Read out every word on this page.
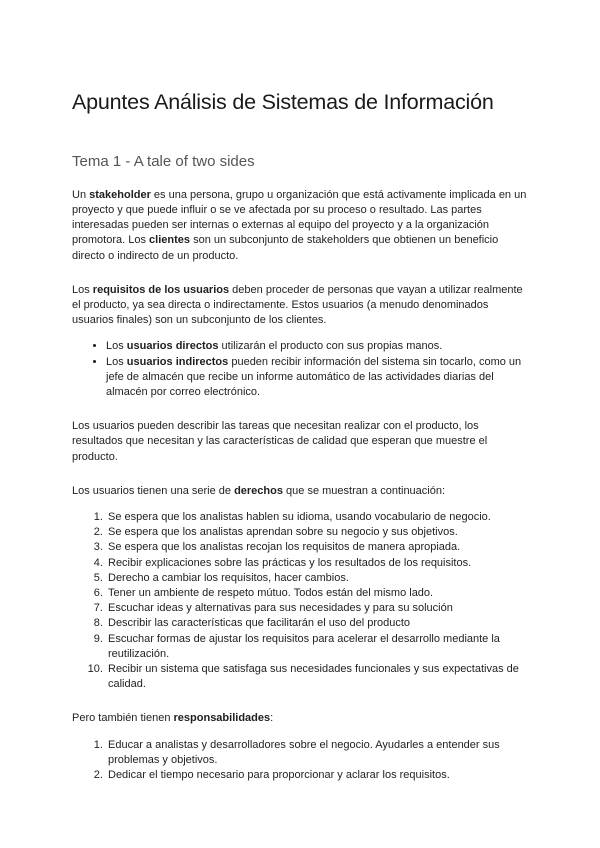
Apuntes Análisis de Sistemas de Información
Tema 1 - A tale of two sides

Un stakeholder es una persona, grupo u organización que está activamente implicada en un proyecto y que puede influir o se ve afectada por su proceso o resultado. Las partes interesadas pueden ser internas o externas al equipo del proyecto y a la organización promotora. Los clientes son un subconjunto de stakeholders que obtienen un beneficio directo o indirecto de un producto.

Los requisitos de los usuarios deben proceder de personas que vayan a utilizar realmente el producto, ya sea directa o indirectamente. Estos usuarios (a menudo denominados usuarios finales) son un subconjunto de los clientes.

• Los usuarios directos utilizarán el producto con sus propias manos.
• Los usuarios indirectos pueden recibir información del sistema sin tocarlo, como un jefe de almacén que recibe un informe automático de las actividades diarias del almacén por correo electrónico.

Los usuarios pueden describir las tareas que necesitan realizar con el producto, los resultados que necesitan y las características de calidad que esperan que muestre el producto.

Los usuarios tienen una serie de derechos que se muestran a continuación:

1. Se espera que los analistas hablen su idioma, usando vocabulario de negocio.
2. Se espera que los analistas aprendan sobre su negocio y sus objetivos.
3. Se espera que los analistas recojan los requisitos de manera apropiada.
4. Recibir explicaciones sobre las prácticas y los resultados de los requisitos.
5. Derecho a cambiar los requisitos, hacer cambios.
6. Tener un ambiente de respeto mútuo. Todos están del mismo lado.
7. Escuchar ideas y alternativas para sus necesidades y para su solución
8. Describir las características que facilitarán el uso del producto
9. Escuchar formas de ajustar los requisitos para acelerar el desarrollo mediante la reutilización.
10. Recibir un sistema que satisfaga sus necesidades funcionales y sus expectativas de calidad.

Pero también tienen responsabilidades:

1. Educar a analistas y desarrolladores sobre el negocio. Ayudarles a entender sus problemas y objetivos.
2. Dedicar el tiempo necesario para proporcionar y aclarar los requisitos.
